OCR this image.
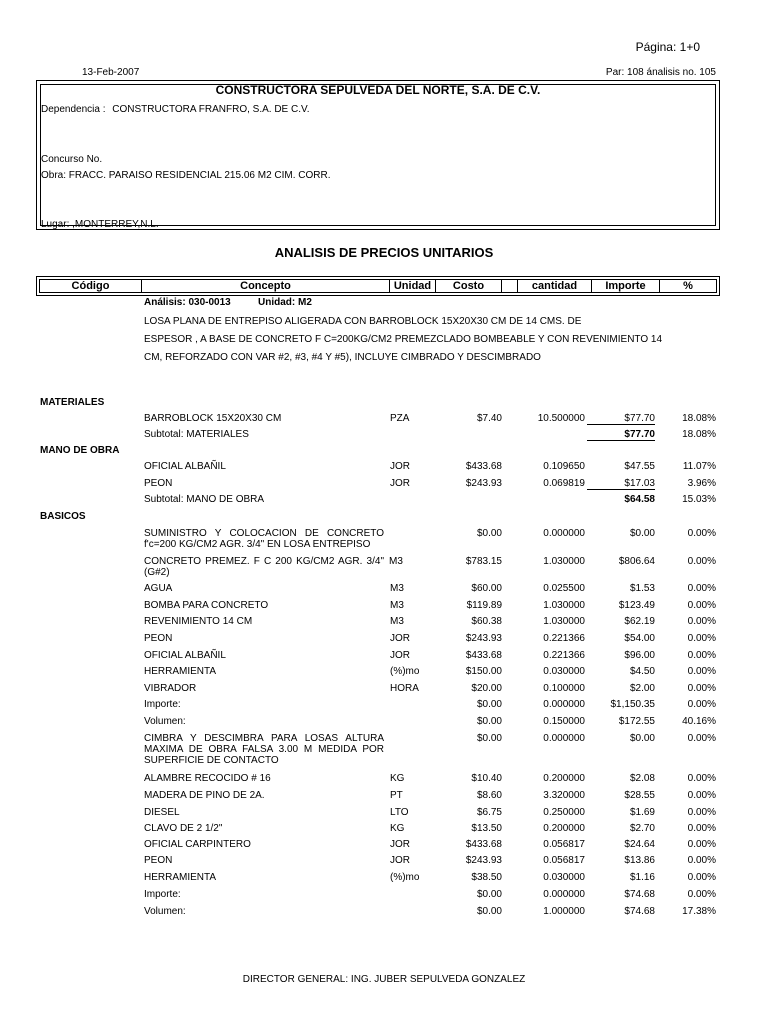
Página: 1+0
13-Feb-2007	Par: 108 ánalisis no. 105
CONSTRUCTORA SEPULVEDA DEL NORTE, S.A. DE C.V.
Dependencia : CONSTRUCTORA FRANFRO, S.A. DE C.V.
Concurso No.
Obra: FRACC. PARAISO RESIDENCIAL 215.06 M2 CIM. CORR.
Lugar: ,MONTERREY,N.L.
ANALISIS DE PRECIOS UNITARIOS
Código	Concepto	Unidad	Costo	cantidad	Importe	%
Análisis: 030-0013	Unidad: M2
LOSA PLANA DE ENTREPISO ALIGERADA CON BARROBLOCK 15X20X30 CM DE 14 CMS. DE
ESPESOR , A BASE DE CONCRETO F C=200KG/CM2 PREMEZCLADO BOMBEABLE Y CON REVENIMIENTO 14
CM, REFORZADO CON VAR #2, #3, #4 Y #5), INCLUYE CIMBRADO Y DESCIMBRADO
MATERIALES
BARROBLOCK 15X20X30 CM	PZA	$7.40	10.500000	$77.70	18.08%
Subtotal: MATERIALES	$77.70	18.08%
MANO DE OBRA
OFICIAL ALBAÑIL	JOR	$433.68	0.109650	$47.55	11.07%
PEON	JOR	$243.93	0.069819	$17.03	3.96%
Subtotal: MANO DE OBRA	$64.58	15.03%
BASICOS
SUMINISTRO Y COLOCACION DE CONCRETO f'c=200 KG/CM2 AGR. 3/4" EN LOSA ENTREPISO
$0.00	0.000000	$0.00	0.00%
CONCRETO PREMEZ. F C 200 KG/CM2 AGR. 3/4" (G#2)
M3	$783.15	1.030000	$806.64	0.00%
AGUA	M3	$60.00	0.025500	$1.53	0.00%
BOMBA PARA CONCRETO	M3	$119.89	1.030000	$123.49	0.00%
REVENIMIENTO 14 CM	M3	$60.38	1.030000	$62.19	0.00%
PEON	JOR	$243.93	0.221366	$54.00	0.00%
OFICIAL ALBAÑIL	JOR	$433.68	0.221366	$96.00	0.00%
HERRAMIENTA	(%)mo	$150.00	0.030000	$4.50	0.00%
VIBRADOR	HORA	$20.00	0.100000	$2.00	0.00%
Importe:	$0.00	0.000000	$1,150.35	0.00%
Volumen:	$0.00	0.150000	$172.55	40.16%
CIMBRA Y DESCIMBRA PARA LOSAS ALTURA MAXIMA DE OBRA FALSA 3.00 M MEDIDA POR SUPERFICIE DE CONTACTO
$0.00	0.000000	$0.00	0.00%
ALAMBRE RECOCIDO # 16	KG	$10.40	0.200000	$2.08	0.00%
MADERA DE PINO DE 2A.	PT	$8.60	3.320000	$28.55	0.00%
DIESEL	LTO	$6.75	0.250000	$1.69	0.00%
CLAVO DE 2 1/2"	KG	$13.50	0.200000	$2.70	0.00%
OFICIAL CARPINTERO	JOR	$433.68	0.056817	$24.64	0.00%
PEON	JOR	$243.93	0.056817	$13.86	0.00%
HERRAMIENTA	(%)mo	$38.50	0.030000	$1.16	0.00%
Importe:	$0.00	0.000000	$74.68	0.00%
Volumen:	$0.00	1.000000	$74.68	17.38%
DIRECTOR GENERAL: ING. JUBER SEPULVEDA GONZALEZ
